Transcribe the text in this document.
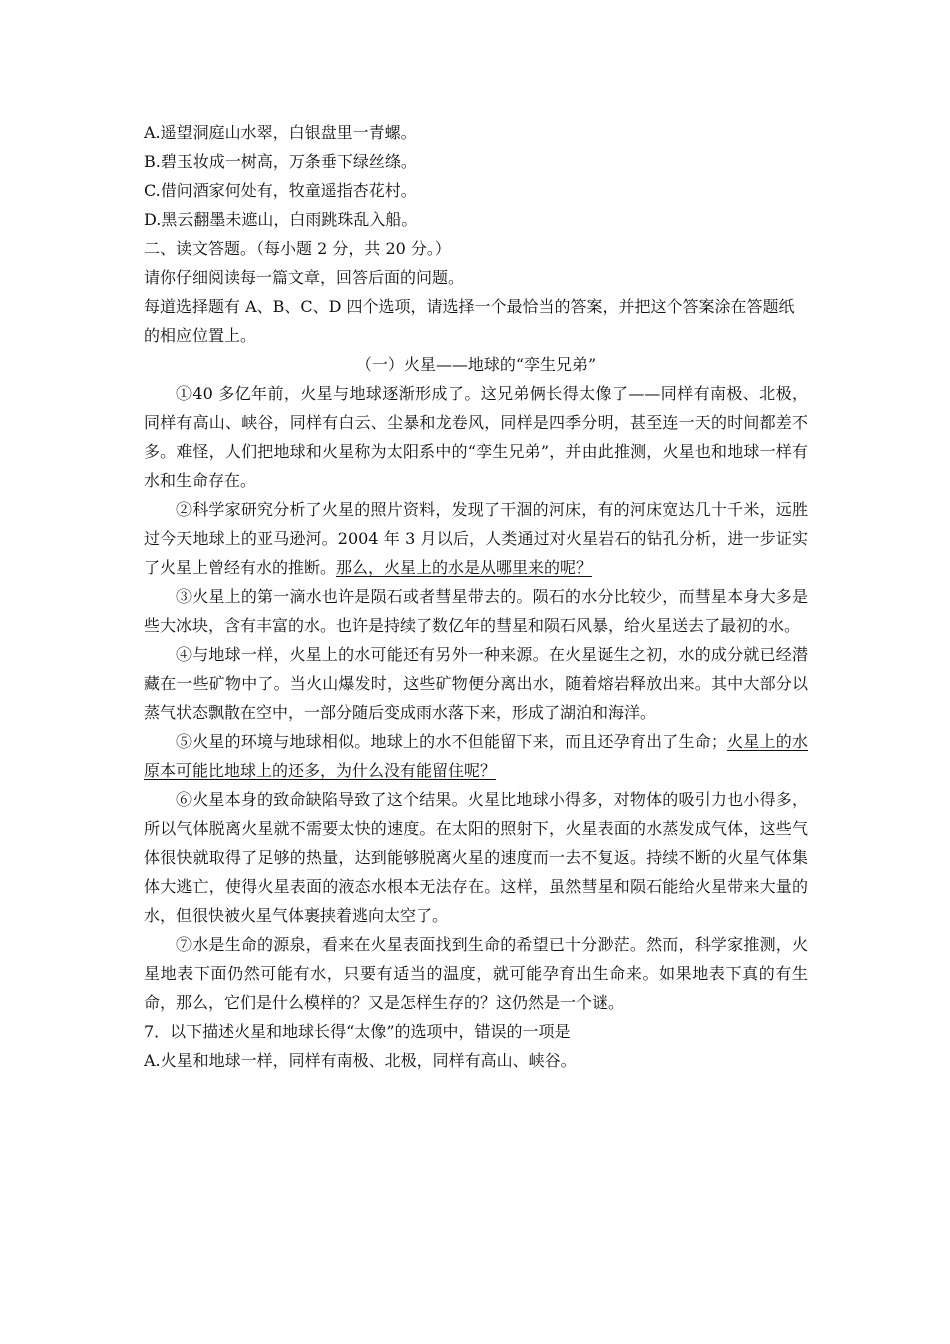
A.遥望洞庭山水翠，白银盘里一青螺。

B.碧玉妆成一树高，万条垂下绿丝绦。

C.借问酒家何处有，牧童遥指杏花村。

D.黑云翻墨未遮山，白雨跳珠乱入船。

二、读文答题。（每小题 2 分，共 20 分。）

请你仔细阅读每一篇文章，回答后面的问题。

每道选择题有 A、B、C、D 四个选项，请选择一个最恰当的答案，并把这个答案涂在答题纸的相应位置上。

（一）火星——地球的“孪生兄弟”

①40 多亿年前，火星与地球逐渐形成了。这兄弟俩长得太像了——同样有南极、北极，同样有高山、峡谷，同样有白云、尘暴和龙卷风，同样是四季分明，甚至连一天的时间都差不多。难怪，人们把地球和火星称为太阳系中的“孪生兄弟”，并由此推测，火星也和地球一样有水和生命存在。

②科学家研究分析了火星的照片资料，发现了干涸的河床，有的河床宽达几十千米，远胜过今天地球上的亚马逊河。2004 年 3 月以后，人类通过对火星岩石的钻孔分析，进一步证实了火星上曾经有水的推断。那么，火星上的水是从哪里来的呢？

③火星上的第一滴水也许是陨石或者彗星带去的。陨石的水分比较少，而彗星本身大多是些大冰块，含有丰富的水。也许是持续了数亿年的彗星和陨石风暴，给火星送去了最初的水。

④与地球一样，火星上的水可能还有另外一种来源。在火星诞生之初，水的成分就已经潜藏在一些矿物中了。当火山爆发时，这些矿物便分离出水，随着熔岩释放出来。其中大部分以蒸气状态飘散在空中，一部分随后变成雨水落下来，形成了湖泊和海洋。

⑤火星的环境与地球相似。地球上的水不但能留下来，而且还孕育出了生命；火星上的水原本可能比地球上的还多，为什么没有能留住呢？

⑥火星本身的致命缺陷导致了这个结果。火星比地球小得多，对物体的吸引力也小得多，所以气体脱离火星就不需要太快的速度。在太阳的照射下，火星表面的水蒸发成气体，这些气体很快就取得了足够的热量，达到能够脱离火星的速度而一去不复返。持续不断的火星气体集体大逃亡，使得火星表面的液态水根本无法存在。这样，虽然彗星和陨石能给火星带来大量的水，但很快被火星气体裹挟着逃向太空了。

⑦水是生命的源泉，看来在火星表面找到生命的希望已十分渺茫。然而，科学家推测，火星地表下面仍然可能有水，只要有适当的温度，就可能孕育出生命来。如果地表下真的有生命，那么，它们是什么模样的？又是怎样生存的？这仍然是一个谜。

7．以下描述火星和地球长得“太像”的选项中，错误的一项是

A.火星和地球一样，同样有南极、北极，同样有高山、峡谷。
